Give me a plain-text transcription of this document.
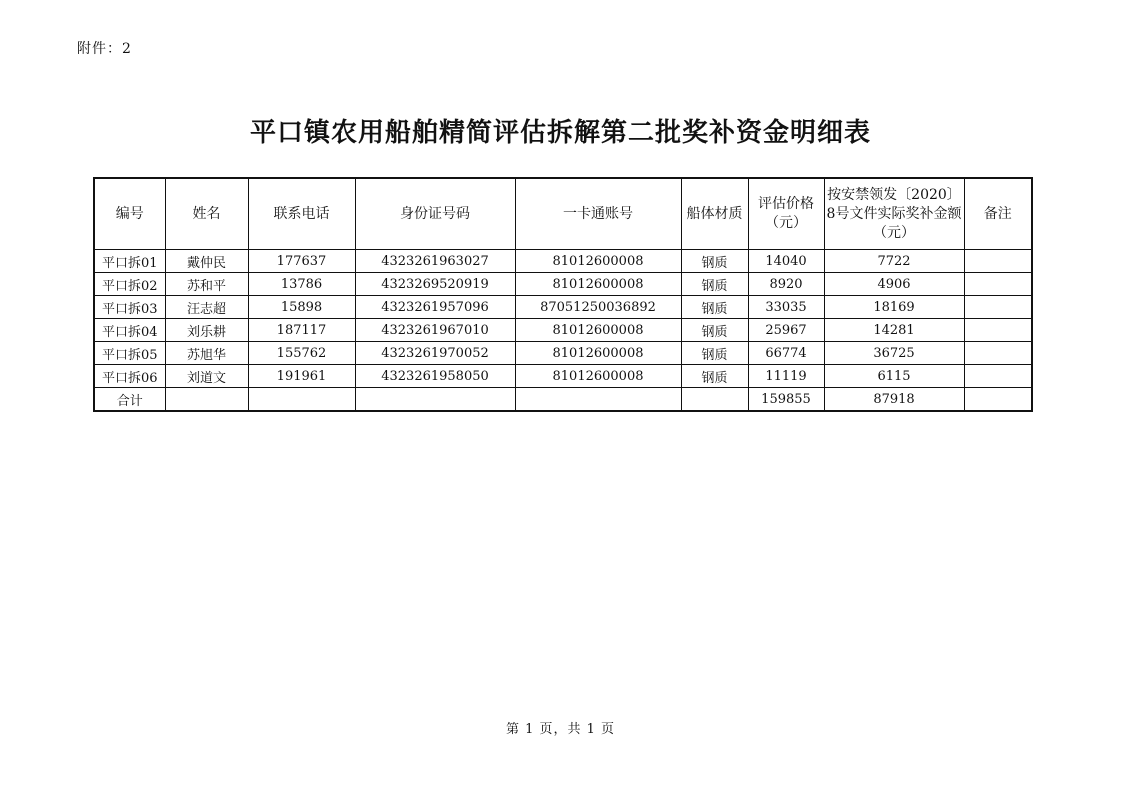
附件：2
平口镇农用船舶精简评估拆解第二批奖补资金明细表
编号	姓名	联系电话	身份证号码	一卡通账号	船体材质	评估价格（元）	按安禁领发〔2020〕8号文件实际奖补金额（元）	备注
平口拆01	戴仲民	177637	4323261963027	81012600008	钢质	14040	7722	
平口拆02	苏和平	13786	4323269520919	81012600008	钢质	8920	4906	
平口拆03	汪志超	15898	4323261957096	87051250036892	钢质	33035	18169	
平口拆04	刘乐耕	187117	4323261967010	81012600008	钢质	25967	14281	
平口拆05	苏旭华	155762	4323261970052	81012600008	钢质	66774	36725	
平口拆06	刘道文	191961	4323261958050	81012600008	钢质	11119	6115	
合计						159855	87918	
第 1 页，共 1 页
